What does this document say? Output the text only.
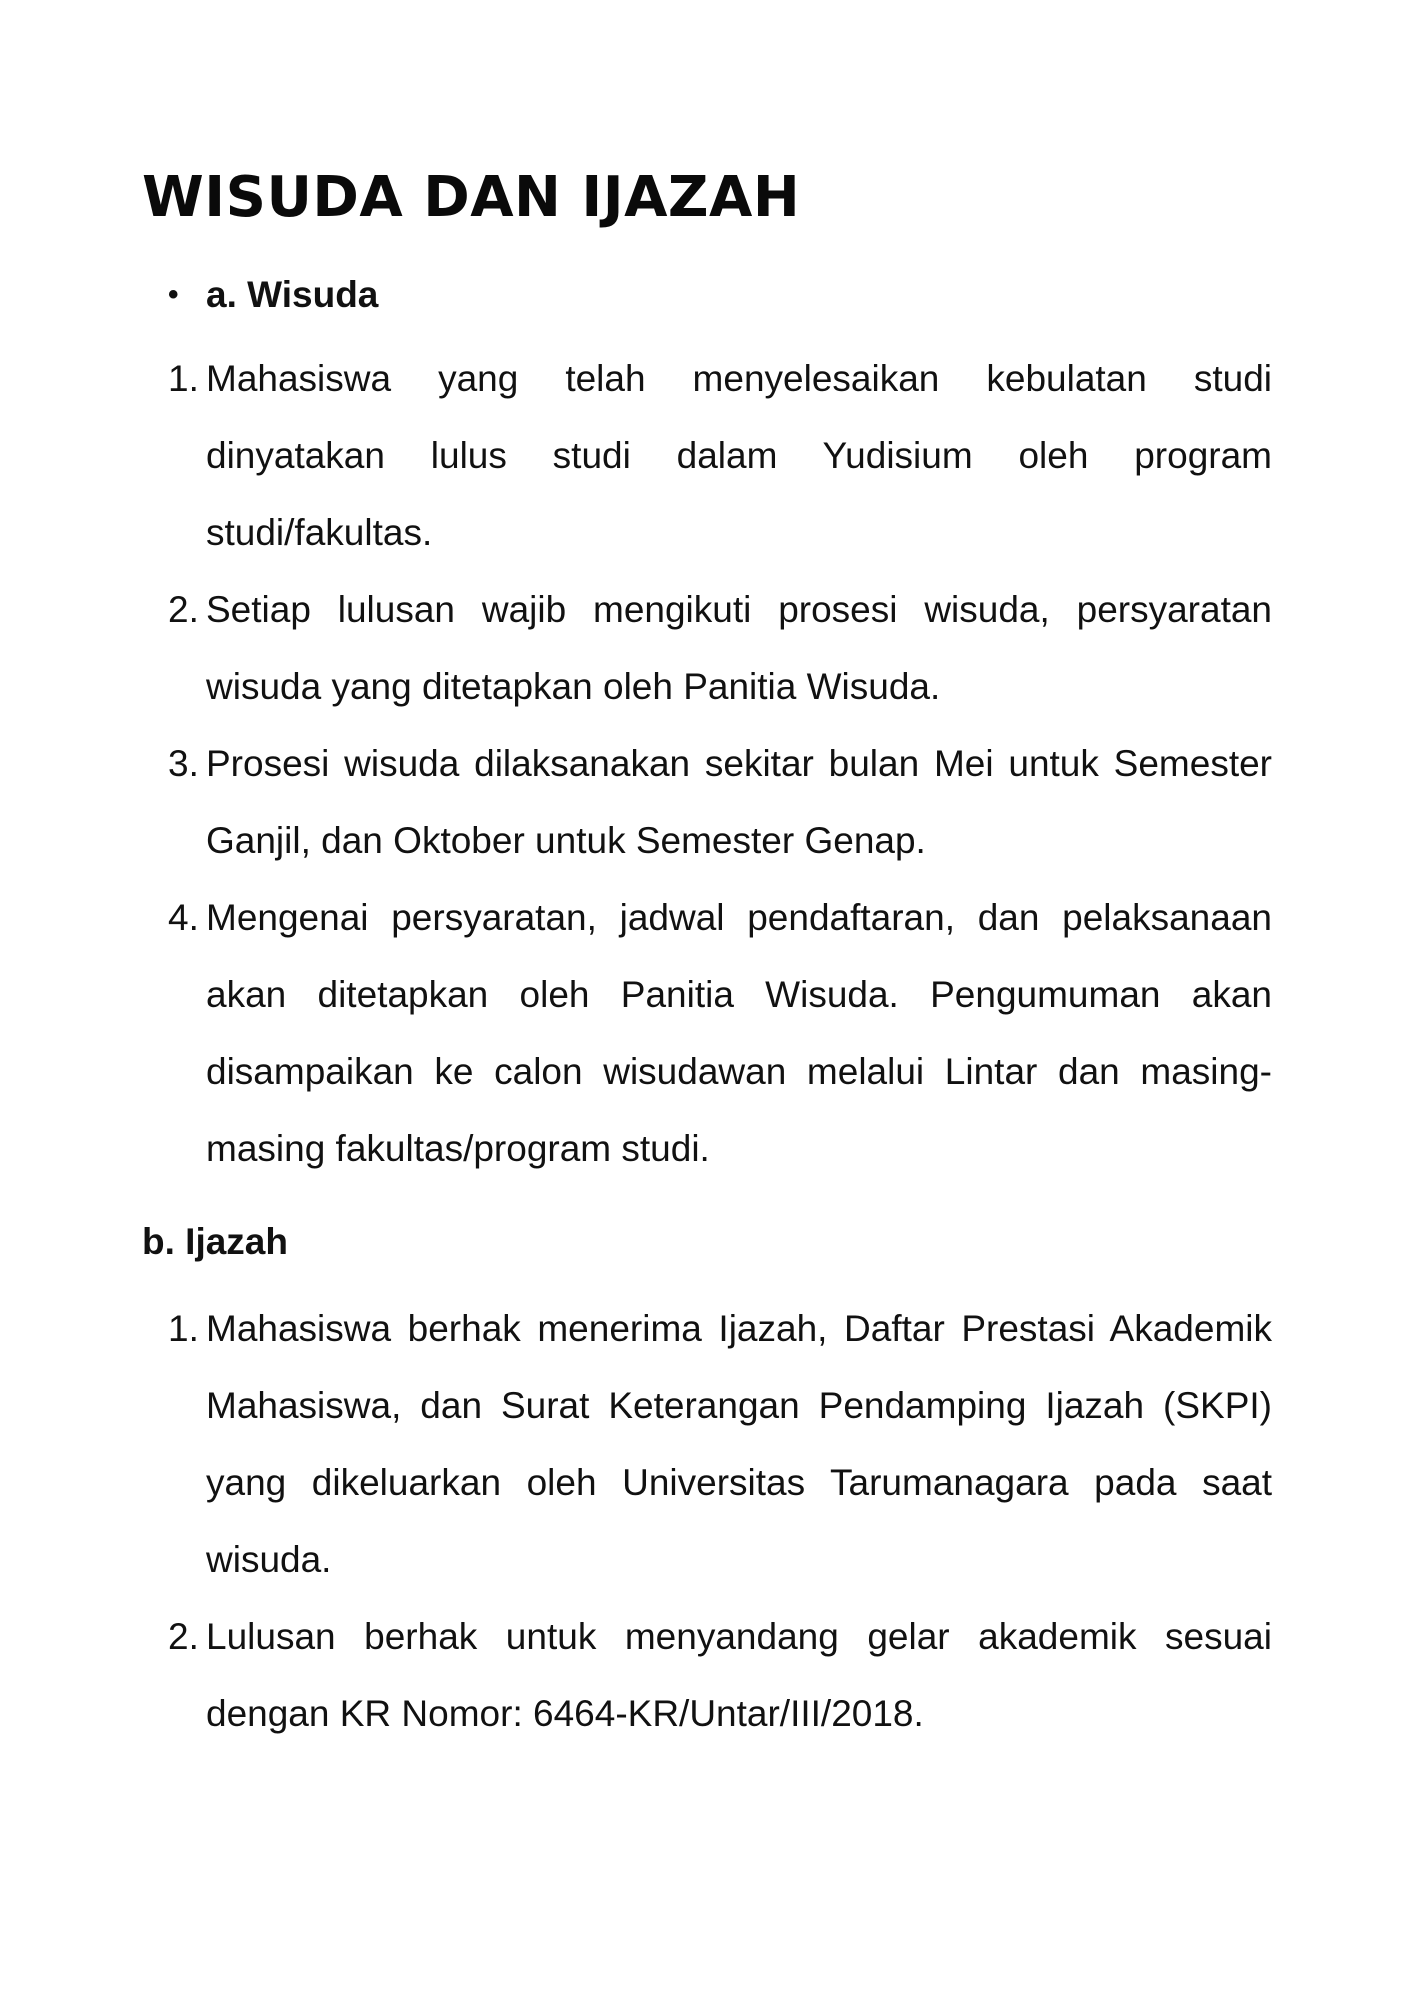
WISUDA DAN IJAZAH
• a. Wisuda
1. Mahasiswa yang telah menyelesaikan kebulatan studi dinyatakan lulus studi dalam Yudisium oleh program studi/fakultas.
2. Setiap lulusan wajib mengikuti prosesi wisuda, persyaratan wisuda yang ditetapkan oleh Panitia Wisuda.
3. Prosesi wisuda dilaksanakan sekitar bulan Mei untuk Semester Ganjil, dan Oktober untuk Semester Genap.
4. Mengenai persyaratan, jadwal pendaftaran, dan pelaksanaan akan ditetapkan oleh Panitia Wisuda. Pengumuman akan disampaikan ke calon wisudawan melalui Lintar dan masing-masing fakultas/program studi.
b. Ijazah
1. Mahasiswa berhak menerima Ijazah, Daftar Prestasi Akademik Mahasiswa, dan Surat Keterangan Pendamping Ijazah (SKPI) yang dikeluarkan oleh Universitas Tarumanagara pada saat wisuda.
2. Lulusan berhak untuk menyandang gelar akademik sesuai dengan KR Nomor: 6464-KR/Untar/III/2018.
